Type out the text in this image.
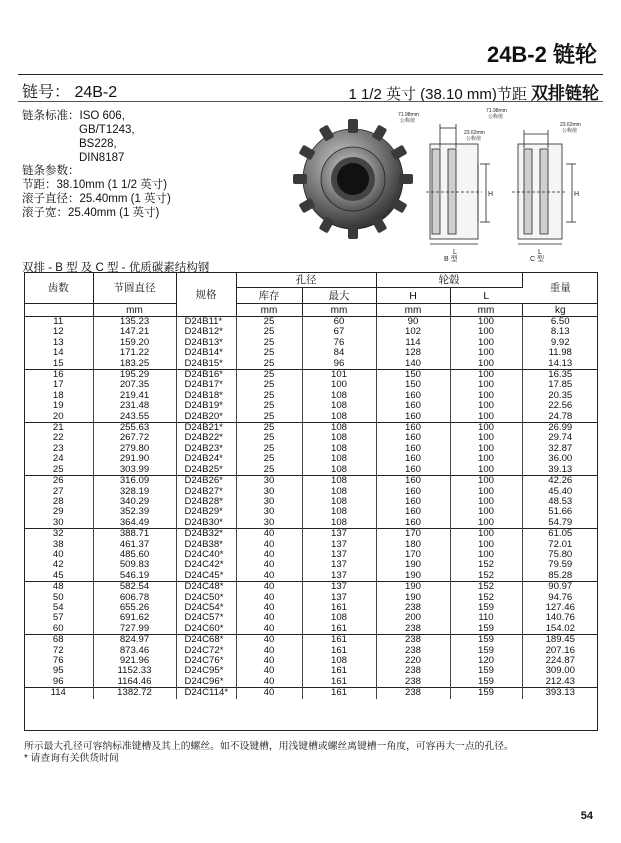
24B-2 链轮
链号： 24B-2	1 1/2 英寸 (38.10 mm)节距 双排链轮
链条标准：ISO 606,
GB/T1243,
BS228,
DIN8187
链条参数：
节距：38.10mm (1 1/2 英寸)
滚子直径：25.40mm (1 英寸)
滚子宽：25.40mm (1 英寸)
71.98mm
公称值
23.62mm
公称值
71.98mm
公称值
23.62mm
公称值
H	H
L	L
B 型	C 型
双排 - B 型 及 C 型 - 优质碳素结构钢
齿数	节圆直径	规格	孔径		轮毂		重量
			库存	最大	H	L	
	mm		mm	mm	mm	mm	kg
11	135.23	D24B11*	25	60	90	100	6.50
12	147.21	D24B12*	25	67	102	100	8.13
13	159.20	D24B13*	25	76	114	100	9.92
14	171.22	D24B14*	25	84	128	100	11.98
15	183.25	D24B15*	25	96	140	100	14.13
16	195.29	D24B16*	25	101	150	100	16.35
17	207.35	D24B17*	25	100	150	100	17.85
18	219.41	D24B18*	25	108	160	100	20.35
19	231.48	D24B19*	25	108	160	100	22.56
20	243.55	D24B20*	25	108	160	100	24.78
21	255.63	D24B21*	25	108	160	100	26.99
22	267.72	D24B22*	25	108	160	100	29.74
23	279.80	D24B23*	25	108	160	100	32.87
24	291.90	D24B24*	25	108	160	100	36.00
25	303.99	D24B25*	25	108	160	100	39.13
26	316.09	D24B26*	30	108	160	100	42.26
27	328.19	D24B27*	30	108	160	100	45.40
28	340.29	D24B28*	30	108	160	100	48.53
29	352.39	D24B29*	30	108	160	100	51.66
30	364.49	D24B30*	30	108	160	100	54.79
32	388.71	D24B32*	40	137	170	100	61.05
38	461.37	D24B38*	40	137	180	100	72.01
40	485.60	D24C40*	40	137	170	100	75.80
42	509.83	D24C42*	40	137	190	152	79.59
45	546.19	D24C45*	40	137	190	152	85.28
48	582.54	D24C48*	40	137	190	152	90.97
50	606.78	D24C50*	40	137	190	152	94.76
54	655.26	D24C54*	40	161	238	159	127.46
57	691.62	D24C57*	40	108	200	110	140.76
60	727.99	D24C60*	40	161	238	159	154.02
68	824.97	D24C68*	40	161	238	159	189.45
72	873.46	D24C72*	40	161	238	159	207.16
76	921.96	D24C76*	40	108	220	120	224.87
95	1152.33	D24C95*	40	161	238	159	309.00
96	1164.46	D24C96*	40	161	238	159	212.43
114	1382.72	D24C114*	40	161	238	159	393.13
所示最大孔径可容纳标准键槽及其上的螺丝。如不设键槽，用浅键槽或螺丝离键槽一角度，可容再大一点的孔径。
* 请查询有关供货时间
54
